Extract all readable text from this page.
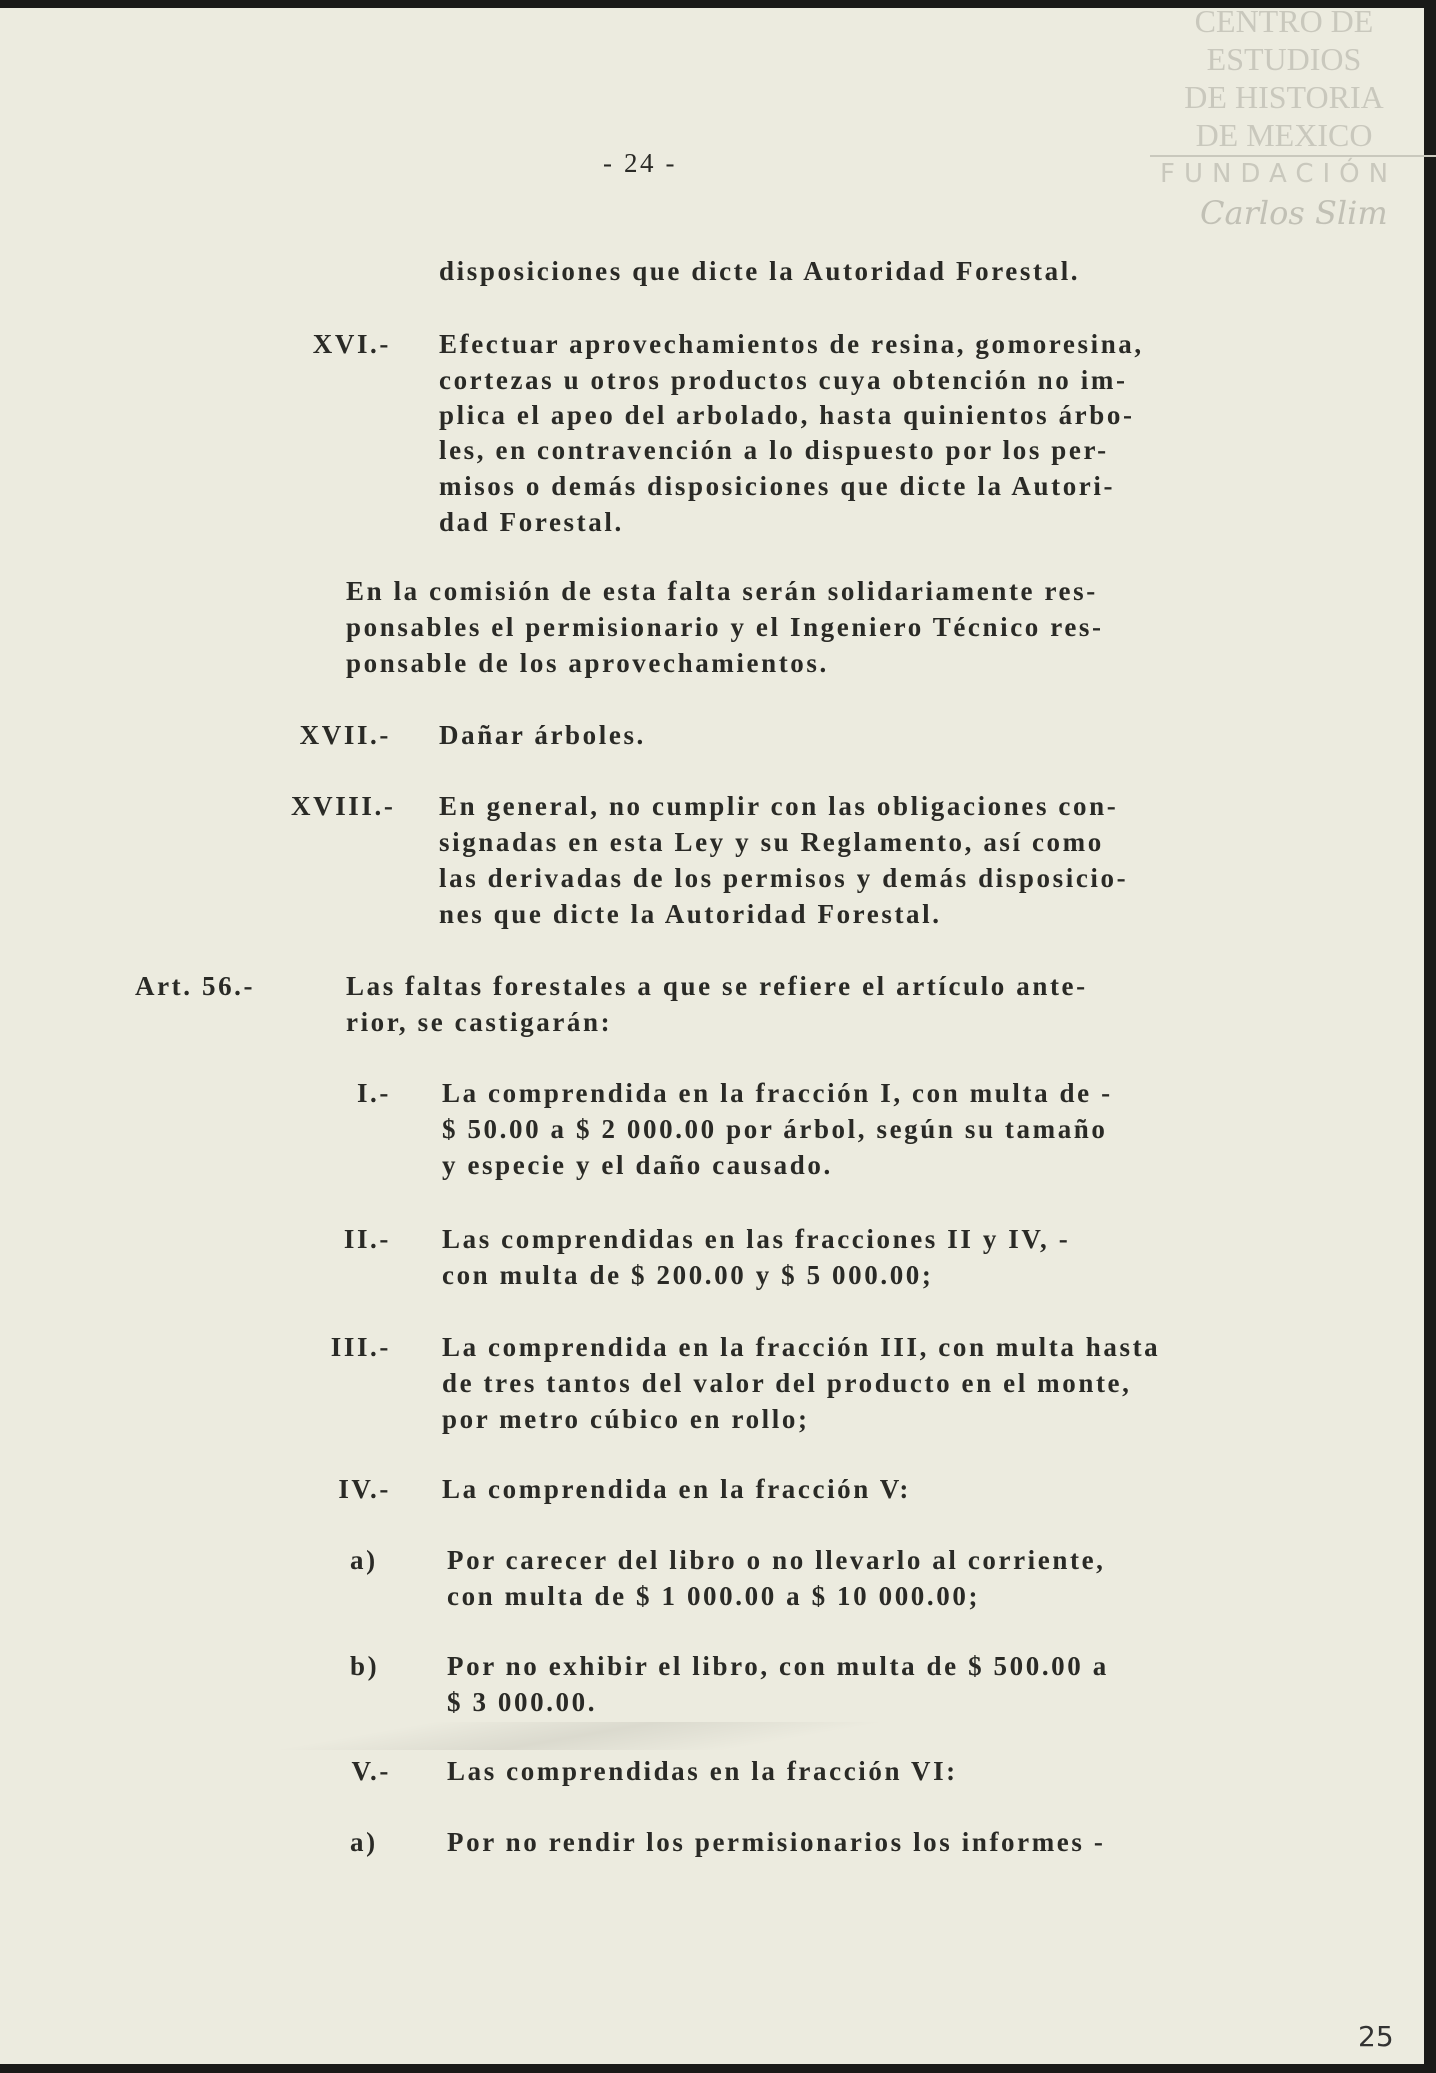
CENTRO DE
ESTUDIOS
DE HISTORIA
DE MEXICO
FUNDACIÓN
Carlos Slim
- 24 -
disposiciones que dicte la Autoridad Forestal.
XVI.- Efectuar aprovechamientos de resina, gomoresina,
cortezas u otros productos cuya obtención no im-
plica el apeo del arbolado, hasta quinientos árbo-
les, en contravención a lo dispuesto por los per-
misos o demás disposiciones que dicte la Autori-
dad Forestal.
En la comisión de esta falta serán solidariamente res-
ponsables el permisionario y el Ingeniero Técnico res-
ponsable de los aprovechamientos.
XVII.- Dañar árboles.
XVIII.- En general, no cumplir con las obligaciones con-
signadas en esta Ley y su Reglamento, así como
las derivadas de los permisos y demás disposicio-
nes que dicte la Autoridad Forestal.
Art. 56.-	Las faltas forestales a que se refiere el artículo ante-
rior, se castigarán:
I.- La comprendida en la fracción I, con multa de -
$ 50.00 a $ 2 000.00 por árbol, según su tamaño
y especie y el daño causado.
II.- Las comprendidas en las fracciones II y IV, -
con multa de $ 200.00 y $ 5 000.00;
III.- La comprendida en la fracción III, con multa hasta
de tres tantos del valor del producto en el monte,
por metro cúbico en rollo;
IV.- La comprendida en la fracción V:
a)	Por carecer del libro o no llevarlo al corriente,
con multa de $ 1 000.00 a $ 10 000.00;
b)	Por no exhibir el libro, con multa de $ 500.00 a
$ 3 000.00.
V.- Las comprendidas en la fracción VI:
a)	Por no rendir los permisionarios los informes -
25
